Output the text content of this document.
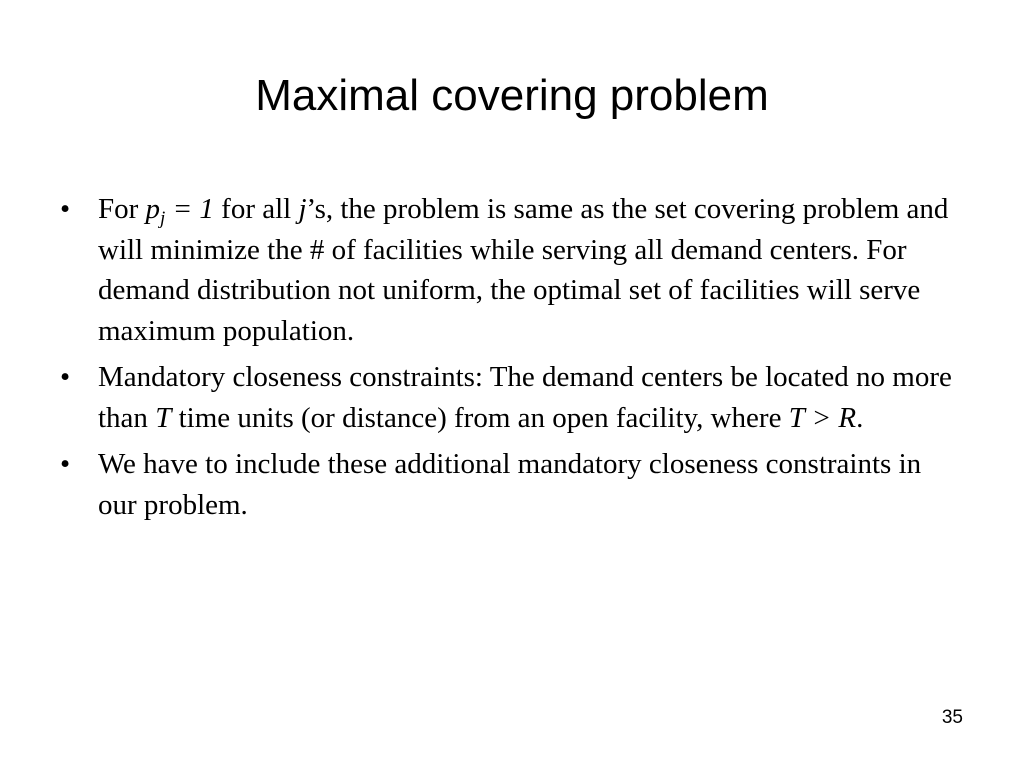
Maximal covering problem
• For $p_j = 1$ for all j’s, the problem is same as the set covering problem and will minimize the # of facilities while serving all demand centers. For demand distribution not uniform, the optimal set of facilities will serve maximum population.
• Mandatory closeness constraints: The demand centers be located no more than T time units (or distance) from an open facility, where T > R.
• We have to include these additional mandatory closeness constraints in our problem.
35
